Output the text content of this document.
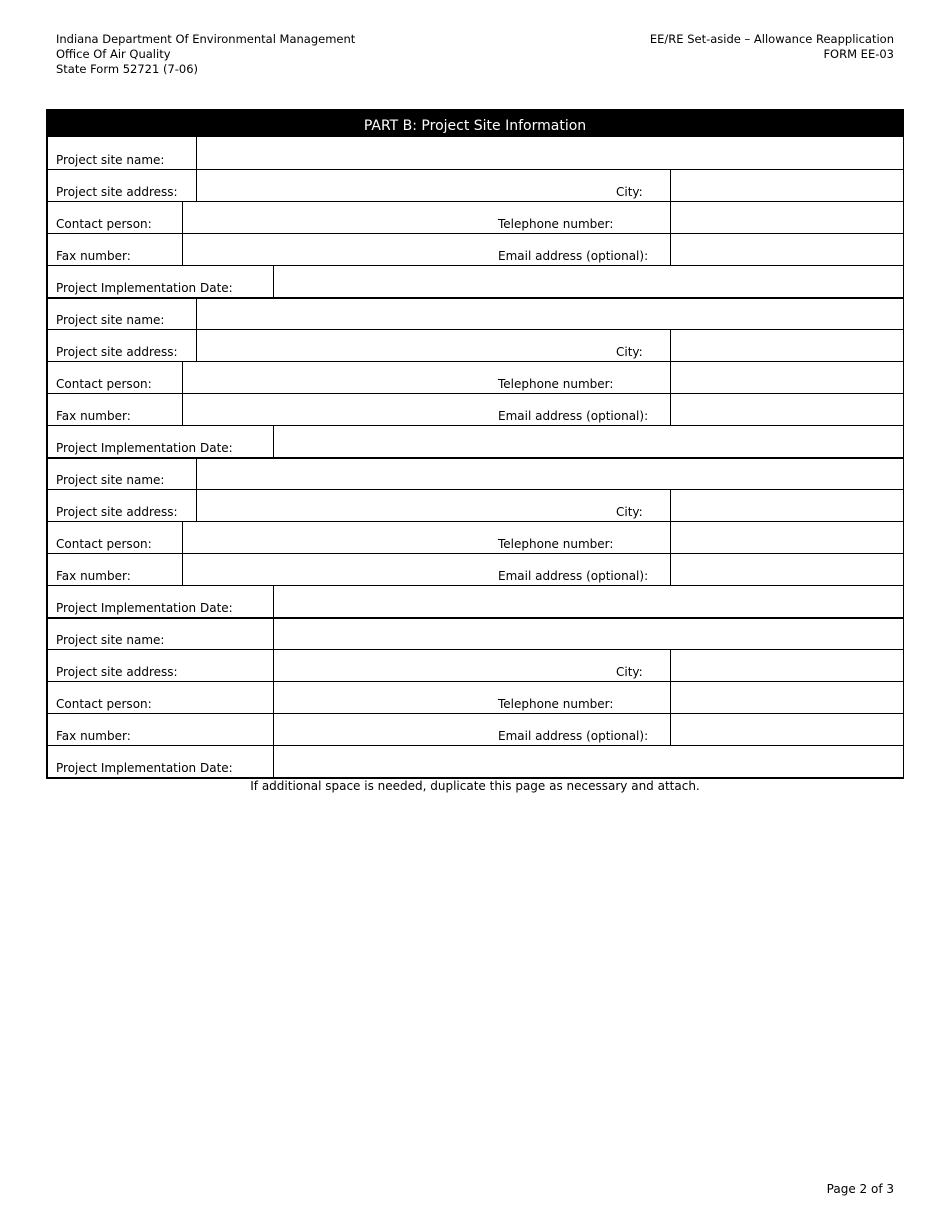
Indiana Department Of Environmental Management
Office Of Air Quality
State Form 52721 (7-06)
EE/RE Set-aside – Allowance Reapplication
FORM EE-03
PART B: Project Site Information
Project site name:
Project site address:	City:
Contact person:	Telephone number:
Fax number:	Email address (optional):
Project Implementation Date:
Project site name:
Project site address:	City:
Contact person:	Telephone number:
Fax number:	Email address (optional):
Project Implementation Date:
Project site name:
Project site address:	City:
Contact person:	Telephone number:
Fax number:	Email address (optional):
Project Implementation Date:
Project site name:
Project site address:	City:
Contact person:	Telephone number:
Fax number:	Email address (optional):
Project Implementation Date:
If additional space is needed, duplicate this page as necessary and attach.
Page 2 of 3
